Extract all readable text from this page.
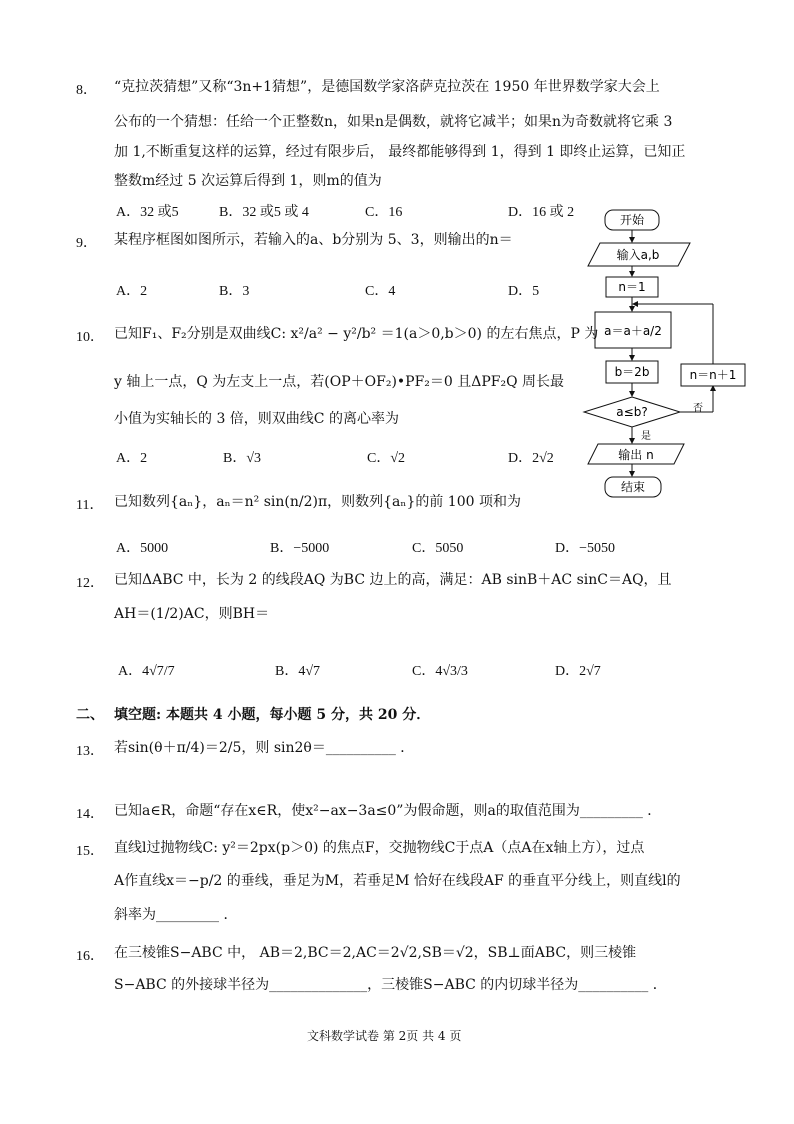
8． “克拉茨猜想”又称“3n+1猜想”，是德国数学家洛萨克拉茨在 1950 年世界数学家大会上
公布的一个猜想：任给一个正整数n，如果n是偶数，就将它减半；如果n为奇数就将它乘 3
加 1,不断重复这样的运算，经过有限步后， 最终都能够得到 1，得到 1 即终止运算，已知正
整数m经过 5 次运算后得到 1，则m的值为
A．32 或5	B．32 或5 或 4	C．16	D．16 或 2
9． 某程序框图如图所示，若输入的a、b分别为 5、3，则输出的n＝
A．2	B．3	C．4	D．5
开始
输入a,b
n＝1
a＝a＋a/2
b＝2b
a≤b?	否
n＝n＋1
是
输出 n
结束
10． 已知F₁、F₂分别是双曲线C: x²/a² − y²/b² ＝1(a＞0,b＞0) 的左右焦点，P 为
y 轴上一点，Q 为左支上一点，若(OP＋OF₂)•PF₂＝0 且ΔPF₂Q 周长最
小值为实轴长的 3 倍，则双曲线C 的离心率为
A．2	B．√3	C．√2	D．2√2
11． 已知数列{aₙ}，aₙ＝n² sin(n/2)π，则数列{aₙ}的前 100 项和为
A．5000	B．−5000	C．5050	D．−5050
12． 已知ΔABC 中，长为 2 的线段AQ 为BC 边上的高，满足：AB sinB＋AC sinC＝AQ，且
AH＝(1/2)AC，则BH＝
A．4√7/7	B．4√7	C．4√3/3	D．2√7
二、 填空题: 本题共 4 小题，每小题 5 分，共 20 分．
13． 若sin(θ＋π/4)＝2/5，则 sin2θ＝__________ ．
14． 已知a∈R，命题“存在x∈R，使x²−ax−3a≤0”为假命题，则a的取值范围为_________ ．
15． 直线l过抛物线C: y²＝2px(p＞0) 的焦点F，交抛物线C于点A（点A在x轴上方），过点
A作直线x＝−p/2 的垂线，垂足为M，若垂足M 恰好在线段AF 的垂直平分线上，则直线l的
斜率为_________ ．
16． 在三棱锥S−ABC 中， AB＝2,BC＝2,AC＝2√2,SB＝√2，SB⊥面ABC，则三棱锥
S−ABC 的外接球半径为______________，三棱锥S−ABC 的内切球半径为__________ ．
文科数学试卷 第 2页 共 4 页
